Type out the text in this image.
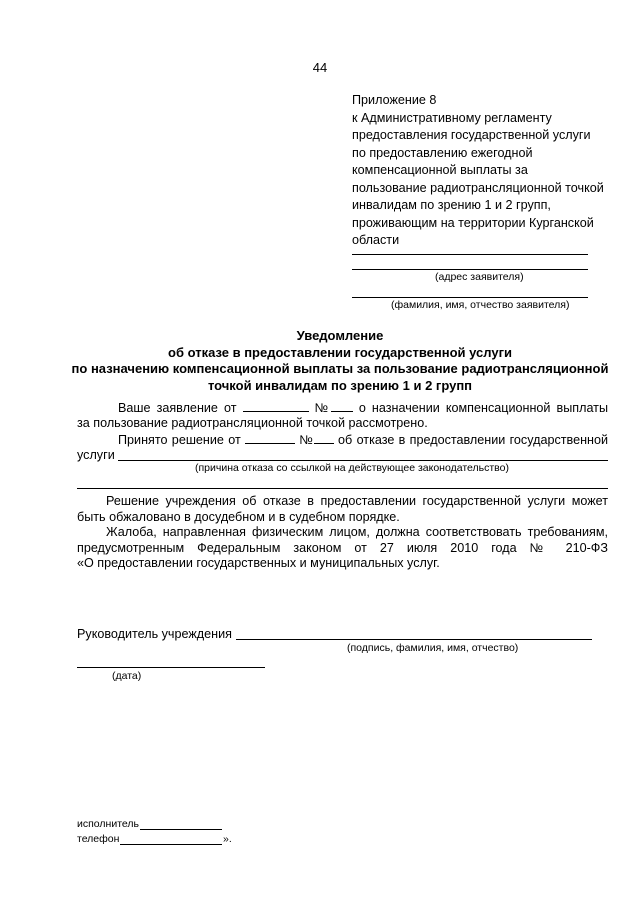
44
Приложение 8
к Административному регламенту
предоставления государственной услуги
по предоставлению ежегодной
компенсационной выплаты за
пользование радиотрансляционной точкой
инвалидам по зрению 1 и 2 групп,
проживающим на территории Курганской
области
(адрес заявителя)
(фамилия, имя, отчество заявителя)
Уведомление
об отказе в предоставлении государственной услуги
по назначению компенсационной выплаты за пользование радиотрансляционной
точкой инвалидам по зрению 1 и 2 групп
Ваше заявление от	№ о назначении компенсационной выплаты
за пользование радиотрансляционной точкой рассмотрено.
Принято решение от	№ об отказе в предоставлении государственной
услуги
(причина отказа со ссылкой на действующее законодательство)
Решение учреждения об отказе в предоставлении государственной услуги может
быть обжаловано в досудебном и в судебном порядке.
Жалоба, направленная физическим лицом, должна соответствовать требованиям,
предусмотренным Федеральным законом от 27 июля 2010 года № 210-ФЗ
«О предоставлении государственных и муниципальных услуг.
Руководитель учреждения
(подпись, фамилия, имя, отчество)
(дата)
исполнитель
телефон	».
